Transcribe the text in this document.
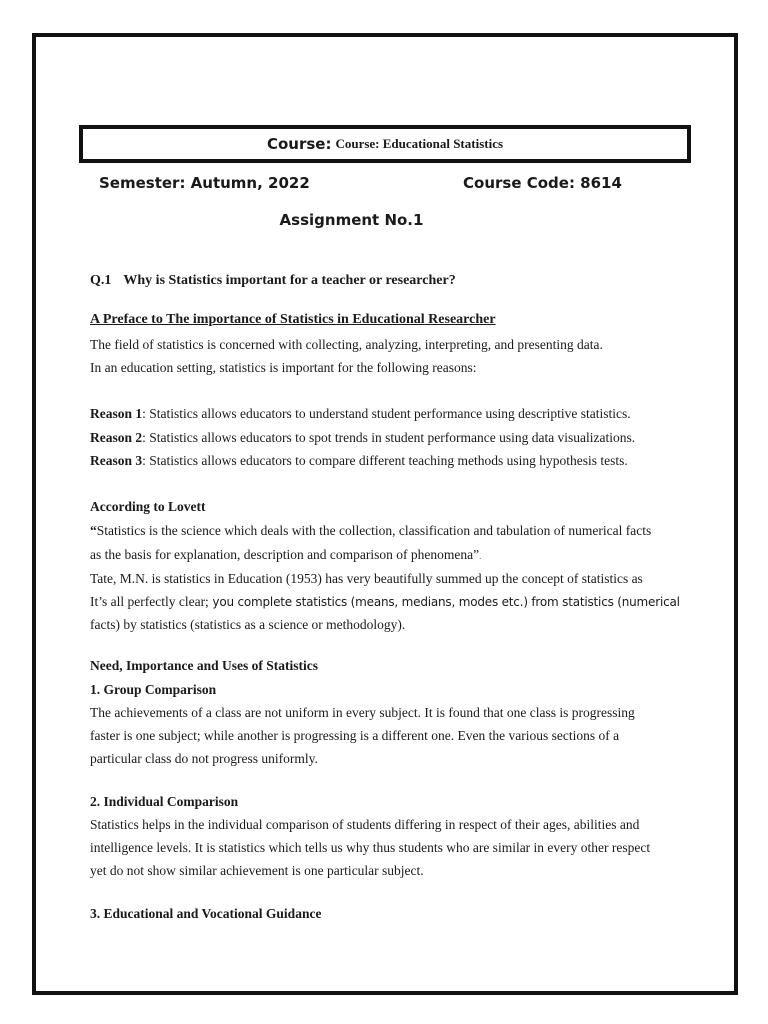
Course: Course: Educational Statistics
Semester: Autumn, 2022	Course Code: 8614
Assignment No.1
Q.1 Why is Statistics important for a teacher or researcher?
A Preface to The importance of Statistics in Educational Researcher
The field of statistics is concerned with collecting, analyzing, interpreting, and presenting data.
In an education setting, statistics is important for the following reasons:
Reason 1: Statistics allows educators to understand student performance using descriptive statistics.
Reason 2: Statistics allows educators to spot trends in student performance using data visualizations.
Reason 3: Statistics allows educators to compare different teaching methods using hypothesis tests.
According to Lovett
“Statistics is the science which deals with the collection, classification and tabulation of numerical facts
as the basis for explanation, description and comparison of phenomena”.
Tate, M.N. is statistics in Education (1953) has very beautifully summed up the concept of statistics as
It’s all perfectly clear; you complete statistics (means, medians, modes etc.) from statistics (numerical
facts) by statistics (statistics as a science or methodology).
Need, Importance and Uses of Statistics
1. Group Comparison
The achievements of a class are not uniform in every subject. It is found that one class is progressing
faster is one subject; while another is progressing is a different one. Even the various sections of a
particular class do not progress uniformly.
2. Individual Comparison
Statistics helps in the individual comparison of students differing in respect of their ages, abilities and
intelligence levels. It is statistics which tells us why thus students who are similar in every other respect
yet do not show similar achievement is one particular subject.
3. Educational and Vocational Guidance
